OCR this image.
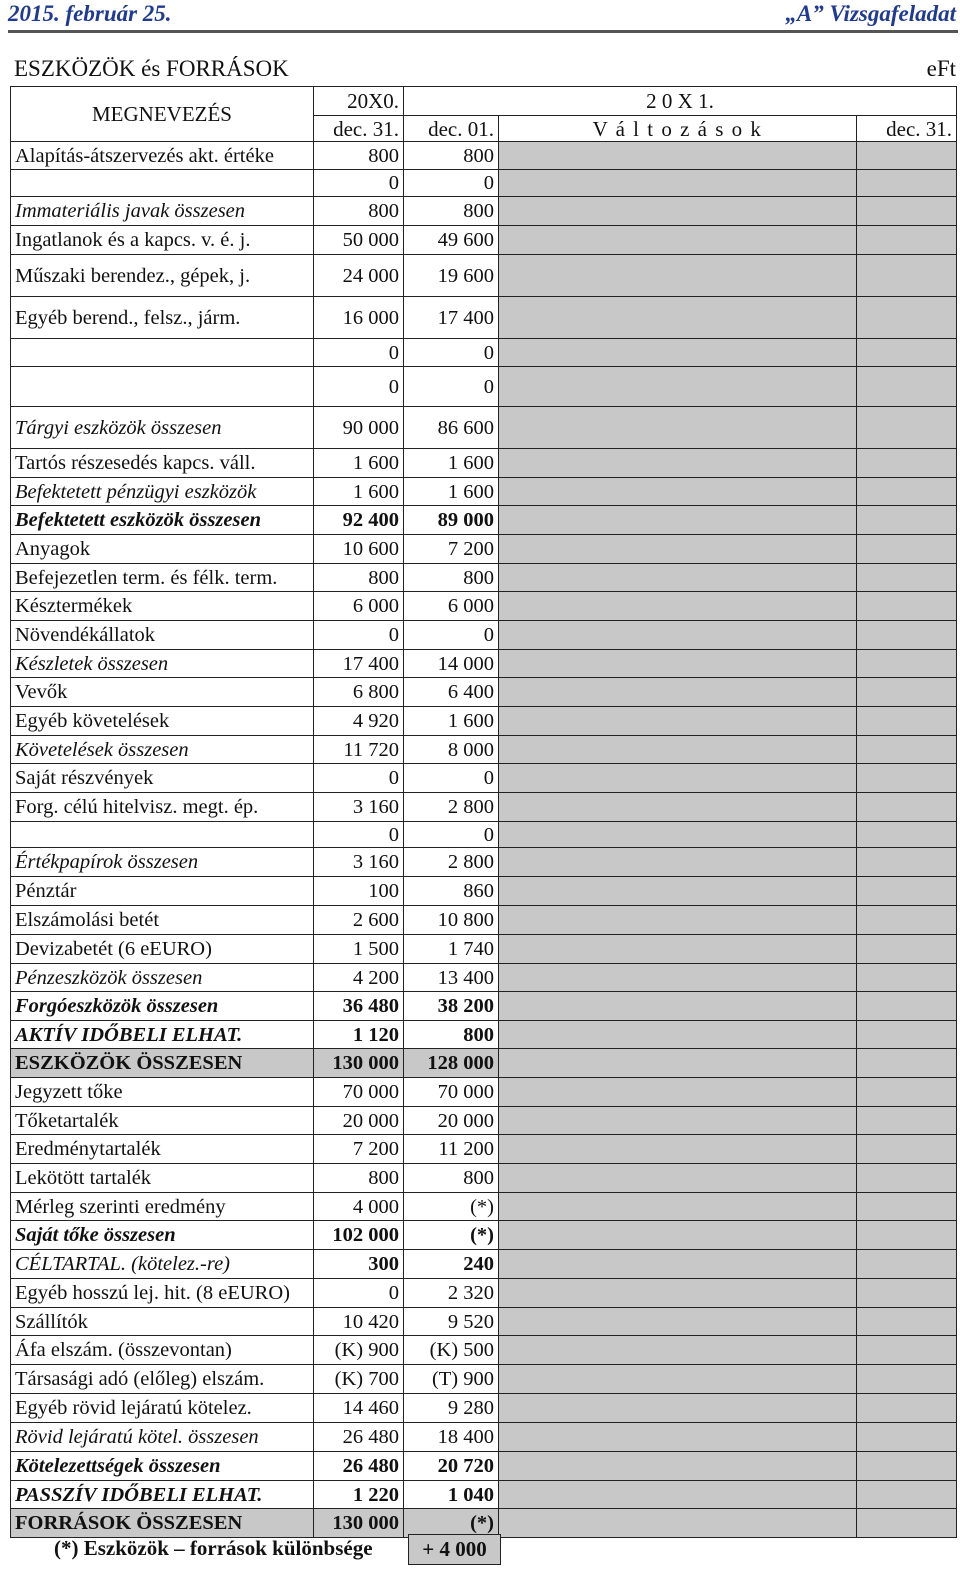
2015. február 25.	„A” Vizsgafeladat
ESZKÖZÖK és FORRÁSOK	eFt
MEGNEVEZÉS	20X0.	2 0 X 1.		
	dec. 31.	dec. 01.	V á l t o z á s o k	dec. 31.
Alapítás-átszervezés akt. értéke	800	800		
	0	0		
Immateriális javak összesen	800	800		
Ingatlanok és a kapcs. v. é. j.	50 000	49 600		
Műszaki berendez., gépek, j.	24 000	19 600		
Egyéb berend., felsz., járm.	16 000	17 400		
	0	0		
	0	0		
Tárgyi eszközök összesen	90 000	86 600		
Tartós részesedés kapcs. váll.	1 600	1 600		
Befektetett pénzügyi eszközök	1 600	1 600		
Befektetett eszközök összesen	92 400	89 000		
Anyagok	10 600	7 200		
Befejezetlen term. és félk. term.	800	800		
Késztermékek	6 000	6 000		
Növendékállatok	0	0		
Készletek összesen	17 400	14 000		
Vevők	6 800	6 400		
Egyéb követelések	4 920	1 600		
Követelések összesen	11 720	8 000		
Saját részvények	0	0		
Forg. célú hitelvisz. megt. ép.	3 160	2 800		
	0	0		
Értékpapírok összesen	3 160	2 800		
Pénztár	100	860		
Elszámolási betét	2 600	10 800		
Devizabetét (6 eEURO)	1 500	1 740		
Pénzeszközök összesen	4 200	13 400		
Forgóeszközök összesen	36 480	38 200		
AKTÍV IDŐBELI ELHAT.	1 120	800		
ESZKÖZÖK ÖSSZESEN	130 000	128 000		
Jegyzett tőke	70 000	70 000		
Tőketartalék	20 000	20 000		
Eredménytartalék	7 200	11 200		
Lekötött tartalék	800	800		
Mérleg szerinti eredmény	4 000	(*)		
Saját tőke összesen	102 000	(*)		
CÉLTARTAL. (kötelez.-re)	300	240		
Egyéb hosszú lej. hit. (8 eEURO)	0	2 320		
Szállítók	10 420	9 520		
Áfa elszám. (összevontan)	(K) 900	(K) 500		
Társasági adó (előleg) elszám.	(K) 700	(T) 900		
Egyéb rövid lejáratú kötelez.	14 460	9 280		
Rövid lejáratú kötel. összesen	26 480	18 400		
Kötelezettségek összesen	26 480	20 720		
PASSZÍV IDŐBELI ELHAT.	1 220	1 040		
FORRÁSOK ÖSSZESEN	130 000	(*)		
(*) Eszközök – források különbsége	+ 4 000
